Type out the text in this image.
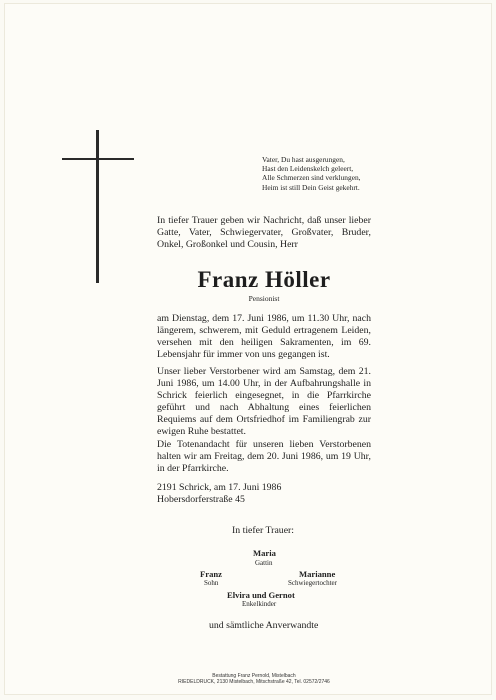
Vater, Du hast ausgerungen,
Hast den Leidenskelch geleert,
Alle Schmerzen sind verklungen,
Heim ist still Dein Geist gekehrt.
In tiefer Trauer geben wir Nachricht, daß unser lieber Gatte, Vater, Schwiegervater, Großvater, Bruder, Onkel, Großonkel und Cousin, Herr
Franz Höller
Pensionist
am Dienstag, dem 17. Juni 1986, um 11.30 Uhr, nach längerem, schwerem, mit Geduld ertragenem Leiden, versehen mit den heiligen Sakramenten, im 69. Lebensjahr für immer von uns gegangen ist.
Unser lieber Verstorbener wird am Samstag, dem 21. Juni 1986, um 14.00 Uhr, in der Aufbahrungshalle in Schrick feierlich eingesegnet, in die Pfarrkirche geführt und nach Abhaltung eines feierlichen Requiems auf dem Ortsfriedhof im Familiengrab zur ewigen Ruhe bestattet.
Die Totenandacht für unseren lieben Verstorbenen halten wir am Freitag, dem 20. Juni 1986, um 19 Uhr, in der Pfarrkirche.
2191 Schrick, am 17. Juni 1986
Hobersdorferstraße 45
In tiefer Trauer:
Maria
Gattin
Franz
Sohn
Marianne
Schwiegertochter
Elvira und Gernot
Enkelkinder
und sämtliche Anverwandte
Bestattung Franz Pernold, Mistelbach
RIEDELDRUCK, 2130 Mistelbach, Mitschstraße 42, Tel. 02572/2746
